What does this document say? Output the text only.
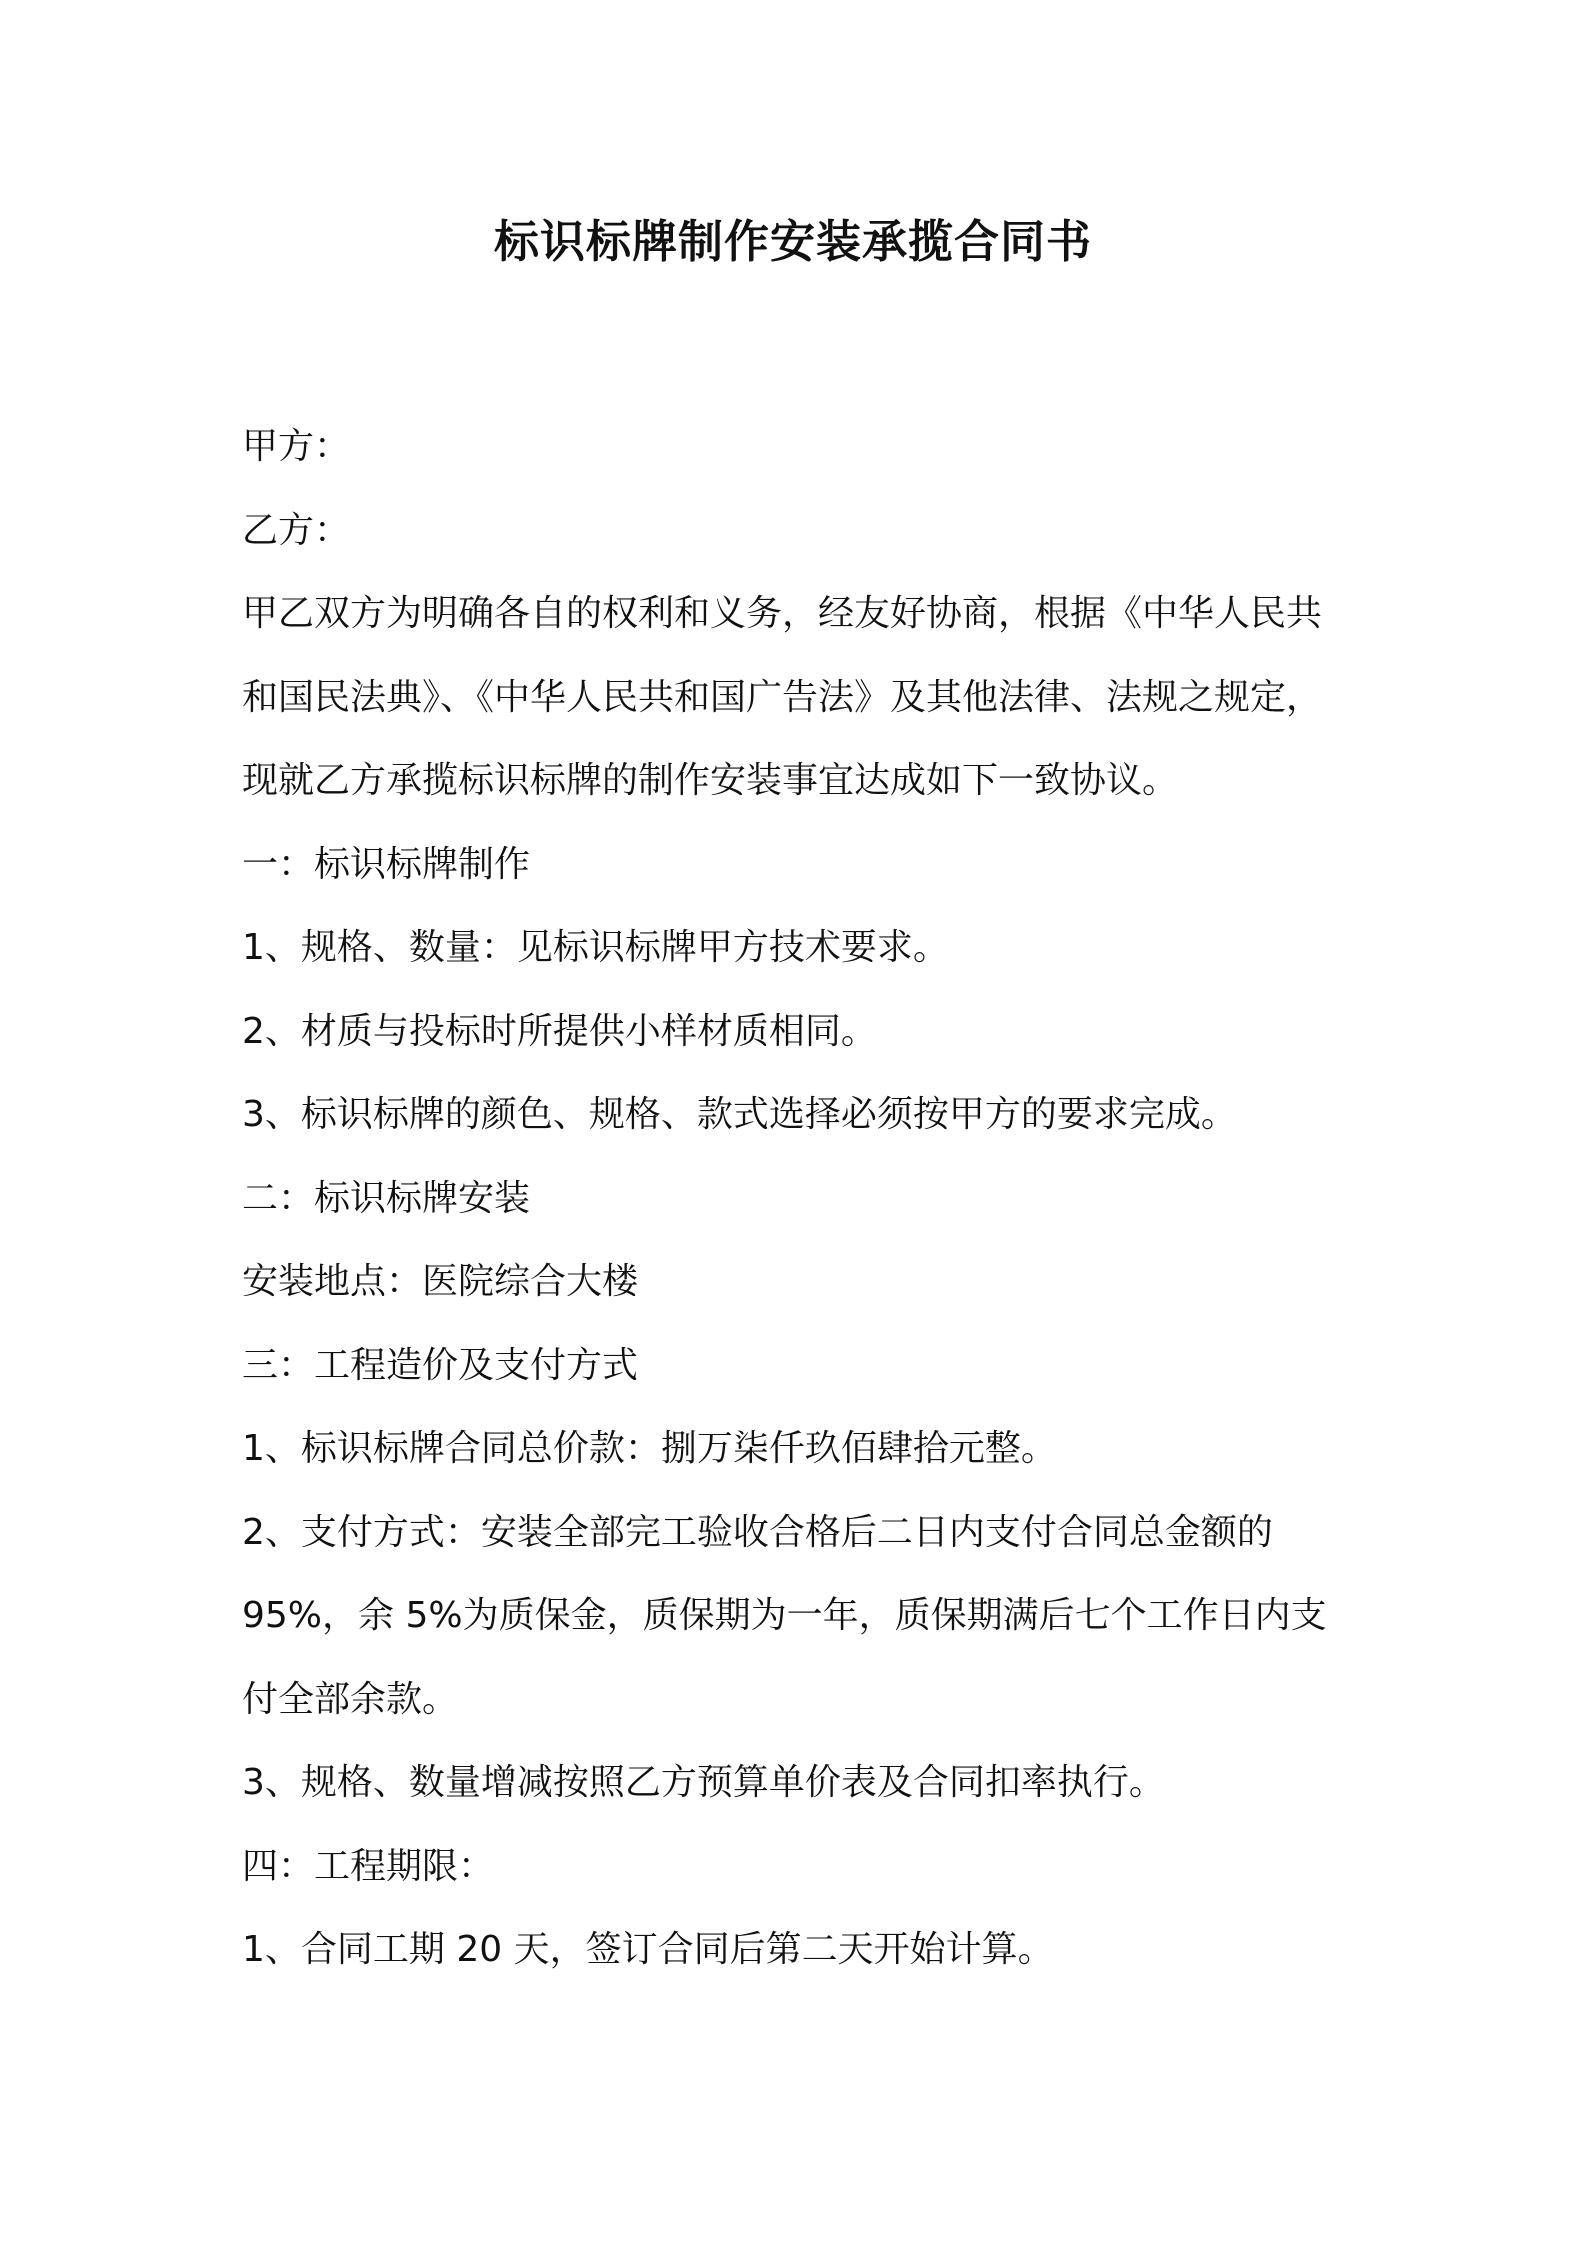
标识标牌制作安装承揽合同书

甲方：

乙方：

甲乙双方为明确各自的权利和义务，经友好协商，根据《中华人民共

和国民法典》、《中华人民共和国广告法》及其他法律、法规之规定，

现就乙方承揽标识标牌的制作安装事宜达成如下一致协议。

一：标识标牌制作

1、规格、数量：见标识标牌甲方技术要求。

2、材质与投标时所提供小样材质相同。

3、标识标牌的颜色、规格、款式选择必须按甲方的要求完成。

二：标识标牌安装

安装地点：医院综合大楼

三：工程造价及支付方式

1、标识标牌合同总价款：捌万柒仟玖佰肆拾元整。

2、支付方式：安装全部完工验收合格后二日内支付合同总金额的

95%，余 5%为质保金，质保期为一年，质保期满后七个工作日内支

付全部余款。

3、规格、数量增减按照乙方预算单价表及合同扣率执行。

四：工程期限：

1、合同工期 20 天，签订合同后第二天开始计算。
